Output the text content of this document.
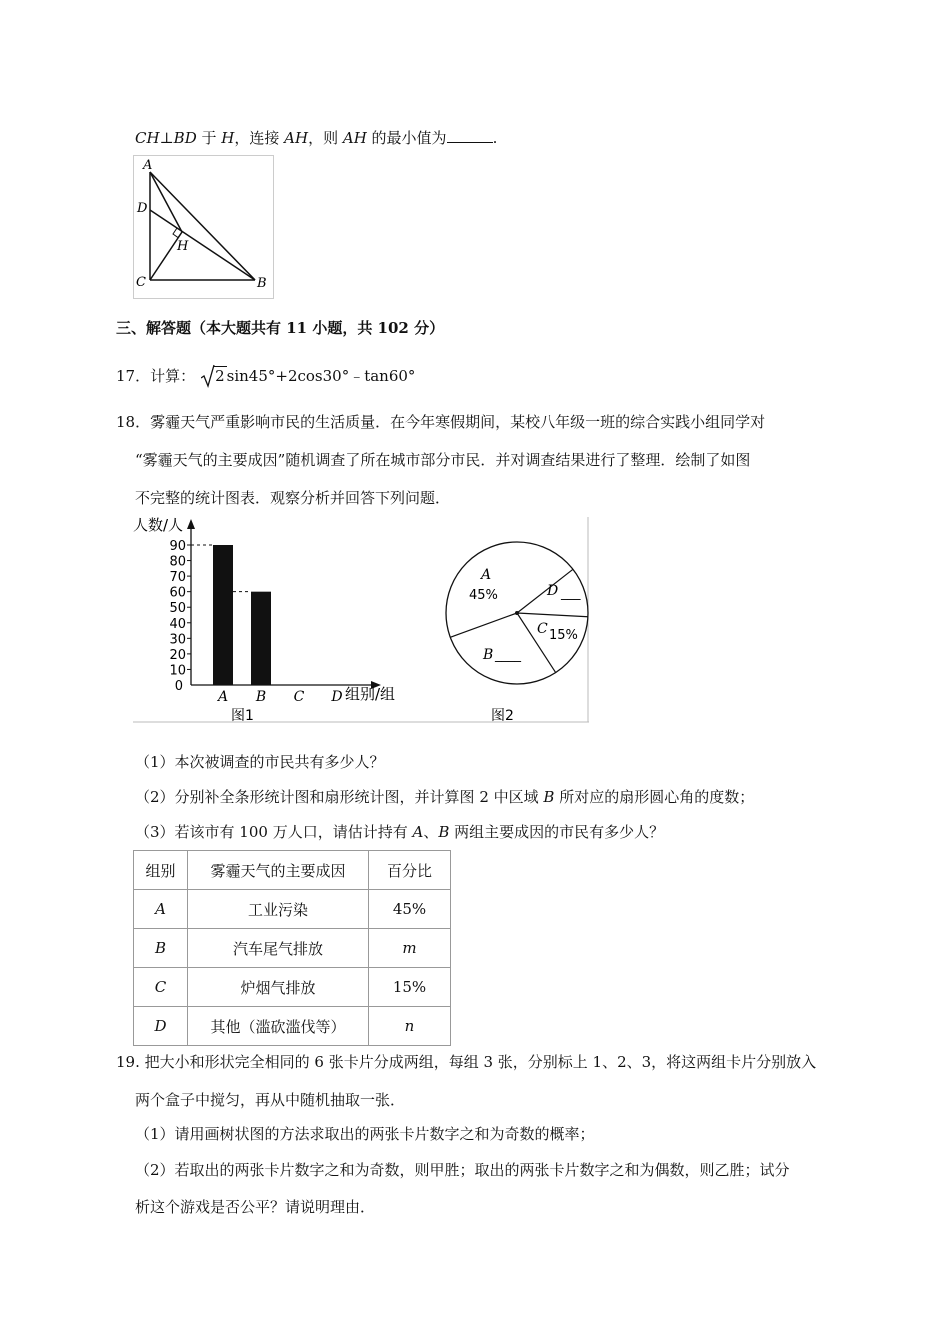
CH⊥BD 于 H，连接 AH，则 AH 的最小值为	.
A
D
H
C	B
三、解答题（本大题共有 11 小题，共 102 分）
17．计算： 2 sin45°+2cos30°﹣tan60°
18．雾霾天气严重影响市民的生活质量．在今年寒假期间，某校八年级一班的综合实践小组同学对
“雾霾天气的主要成因”随机调查了所在城市部分市民．并对调查结果进行了整理．绘制了如图
不完整的统计图表．观察分析并回答下列问题．
人数/人
组别/组
0
10
20
30
40
50
60
70
80
90
A B C D
A
45%	D ___
C 15%
B ____
图1	图2
（1）本次被调查的市民共有多少人？
（2）分别补全条形统计图和扇形统计图，并计算图 2 中区域 B 所对应的扇形圆心角的度数；
（3）若该市有 100 万人口，请估计持有 A、B 两组主要成因的市民有多少人？
组别	雾霾天气的主要成因	百分比
A	工业污染	45%
B	汽车尾气排放	m
C	炉烟气排放	15%
D	其他（滥砍滥伐等）	n
19. 把大小和形状完全相同的 6 张卡片分成两组，每组 3 张，分别标上 1、2、3，将这两组卡片分别放入
两个盒子中搅匀，再从中随机抽取一张．
（1）请用画树状图的方法求取出的两张卡片数字之和为奇数的概率；
（2）若取出的两张卡片数字之和为奇数，则甲胜；取出的两张卡片数字之和为偶数，则乙胜；试分
析这个游戏是否公平？请说明理由．
